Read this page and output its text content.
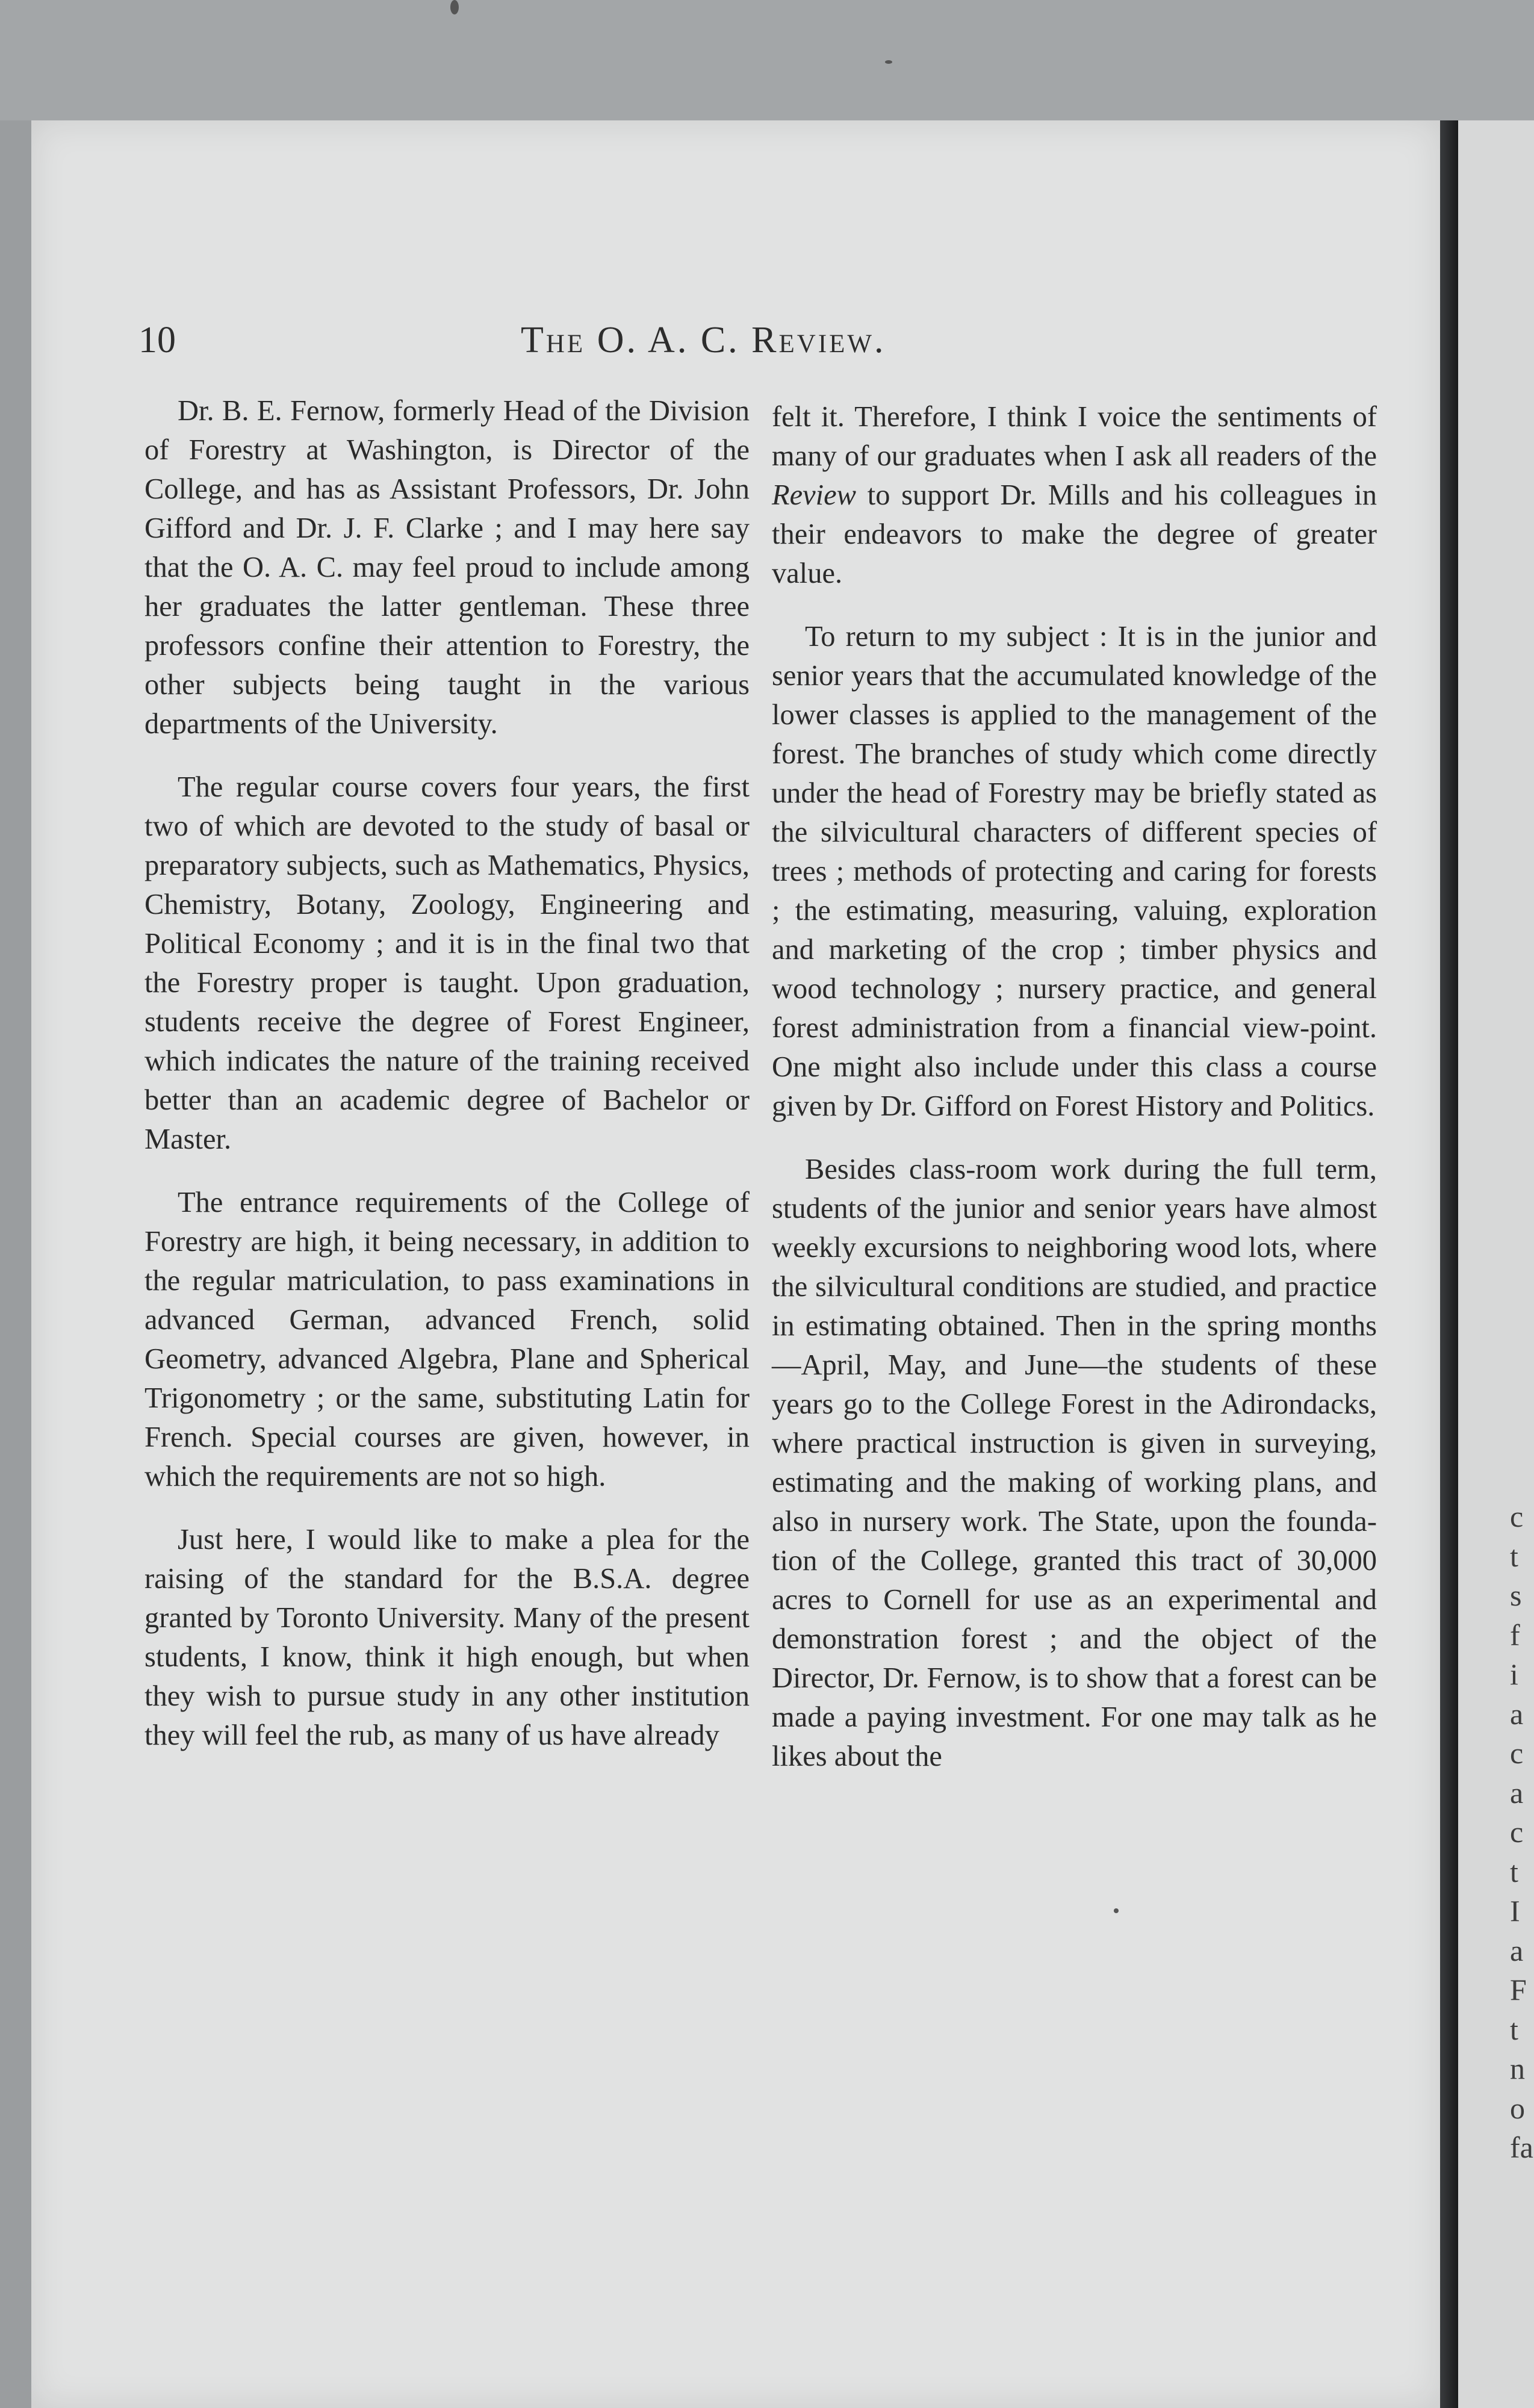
c
t
s
f
i
a
c
a
c
t
I
a
F
t
n
o
fa
10	The O. A. C. Review.

Dr. B. E. Fernow, formerly Head of the Division of Forestry at Washington, is Director of the College, and has as Assistant Professors, Dr. John Gifford and Dr. J. F. Clarke ; and I may here say that the O. A. C. may feel proud to include among her graduates the latter gentleman. These three professors confine their attention to Forestry, the other subjects being taught in the various departments of the University.

The regular course covers four years, the first two of which are devoted to the study of basal or preparatory subjects, such as Mathematics, Physics, Chemistry, Botany, Zoology, Engineering and Political Economy ; and it is in the final two that the Forestry proper is taught. Upon graduation, students receive the degree of Forest Engineer, which indicates the nature of the training received better than an academic degree of Bachelor or Master.

The entrance requirements of the College of Forestry are high, it being necessary, in addition to the regular matriculation, to pass examinations in advanced German, advanced French, solid Geometry, advanced Algebra, Plane and Spherical Trigonometry ; or the same, substituting Latin for French. Special courses are given, however, in which the requirements are not so high.

Just here, I would like to make a plea for the raising of the standard for the B.S.A. degree granted by Toronto University. Many of the present students, I know, think it high enough, but when they wish to pursue study in any other institution they will feel the rub, as many of us have already

felt it. Therefore, I think I voice the sentiments of many of our graduates when I ask all readers of the Review to support Dr. Mills and his colleagues in their endeavors to make the degree of greater value.

To return to my subject : It is in the junior and senior years that the accumulated knowledge of the lower classes is applied to the management of the forest. The branches of study which come directly under the head of Forestry may be briefly stated as the silvicultural characters of different species of trees ; methods of protecting and caring for forests ; the estimating, measuring, valuing, exploration and marketing of the crop ; timber physics and wood technology ; nursery practice, and general forest administration from a financial view-point. One might also include under this class a course given by Dr. Gifford on Forest History and Politics.

Besides class-room work during the full term, students of the junior and senior years have almost weekly excursions to neighboring wood lots, where the silvicultural conditions are studied, and practice in estimating obtained. Then in the spring months—April, May, and June—the students of these years go to the College Forest in the Adirondacks, where practical instruction is given in surveying, estimating and the making of working plans, and also in nursery work. The State, upon the foundation of the College, granted this tract of 30,000 acres to Cornell for use as an experimental and demonstration forest ; and the object of the Director, Dr. Fernow, is to show that a forest can be made a paying investment. For one may talk as he likes about the
